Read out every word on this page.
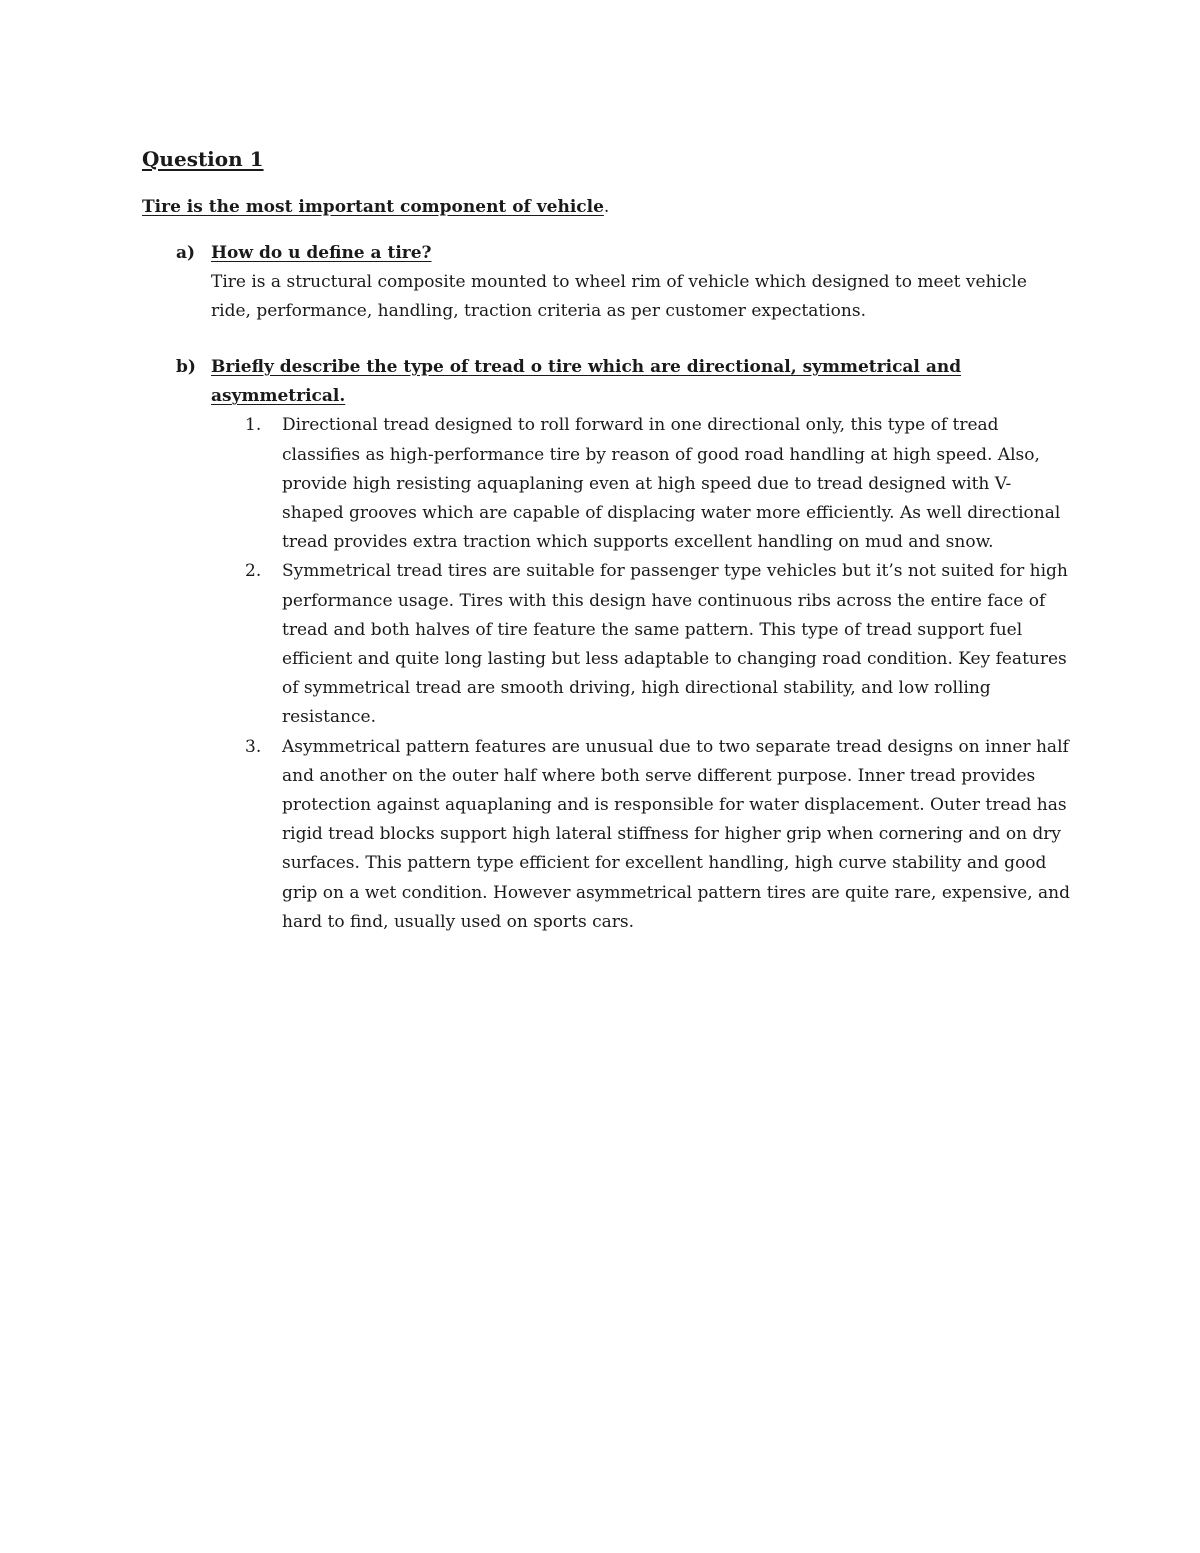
Question 1

Tire is the most important component of vehicle.

a) How do u define a tire?

Tire is a structural composite mounted to wheel rim of vehicle which designed to meet vehicle ride, performance, handling, traction criteria as per customer expectations.

b) Briefly describe the type of tread o tire which are directional, symmetrical and asymmetrical.

1. Directional tread designed to roll forward in one directional only, this type of tread classifies as high-performance tire by reason of good road handling at high speed. Also, provide high resisting aquaplaning even at high speed due to tread designed with V-shaped grooves which are capable of displacing water more efficiently. As well directional tread provides extra traction which supports excellent handling on mud and snow.
2. Symmetrical tread tires are suitable for passenger type vehicles but it’s not suited for high performance usage. Tires with this design have continuous ribs across the entire face of tread and both halves of tire feature the same pattern. This type of tread support fuel efficient and quite long lasting but less adaptable to changing road condition. Key features of symmetrical tread are smooth driving, high directional stability, and low rolling resistance.
3. Asymmetrical pattern features are unusual due to two separate tread designs on inner half and another on the outer half where both serve different purpose. Inner tread provides protection against aquaplaning and is responsible for water displacement. Outer tread has rigid tread blocks support high lateral stiffness for higher grip when cornering and on dry surfaces. This pattern type efficient for excellent handling, high curve stability and good grip on a wet condition. However asymmetrical pattern tires are quite rare, expensive, and hard to find, usually used on sports cars.
